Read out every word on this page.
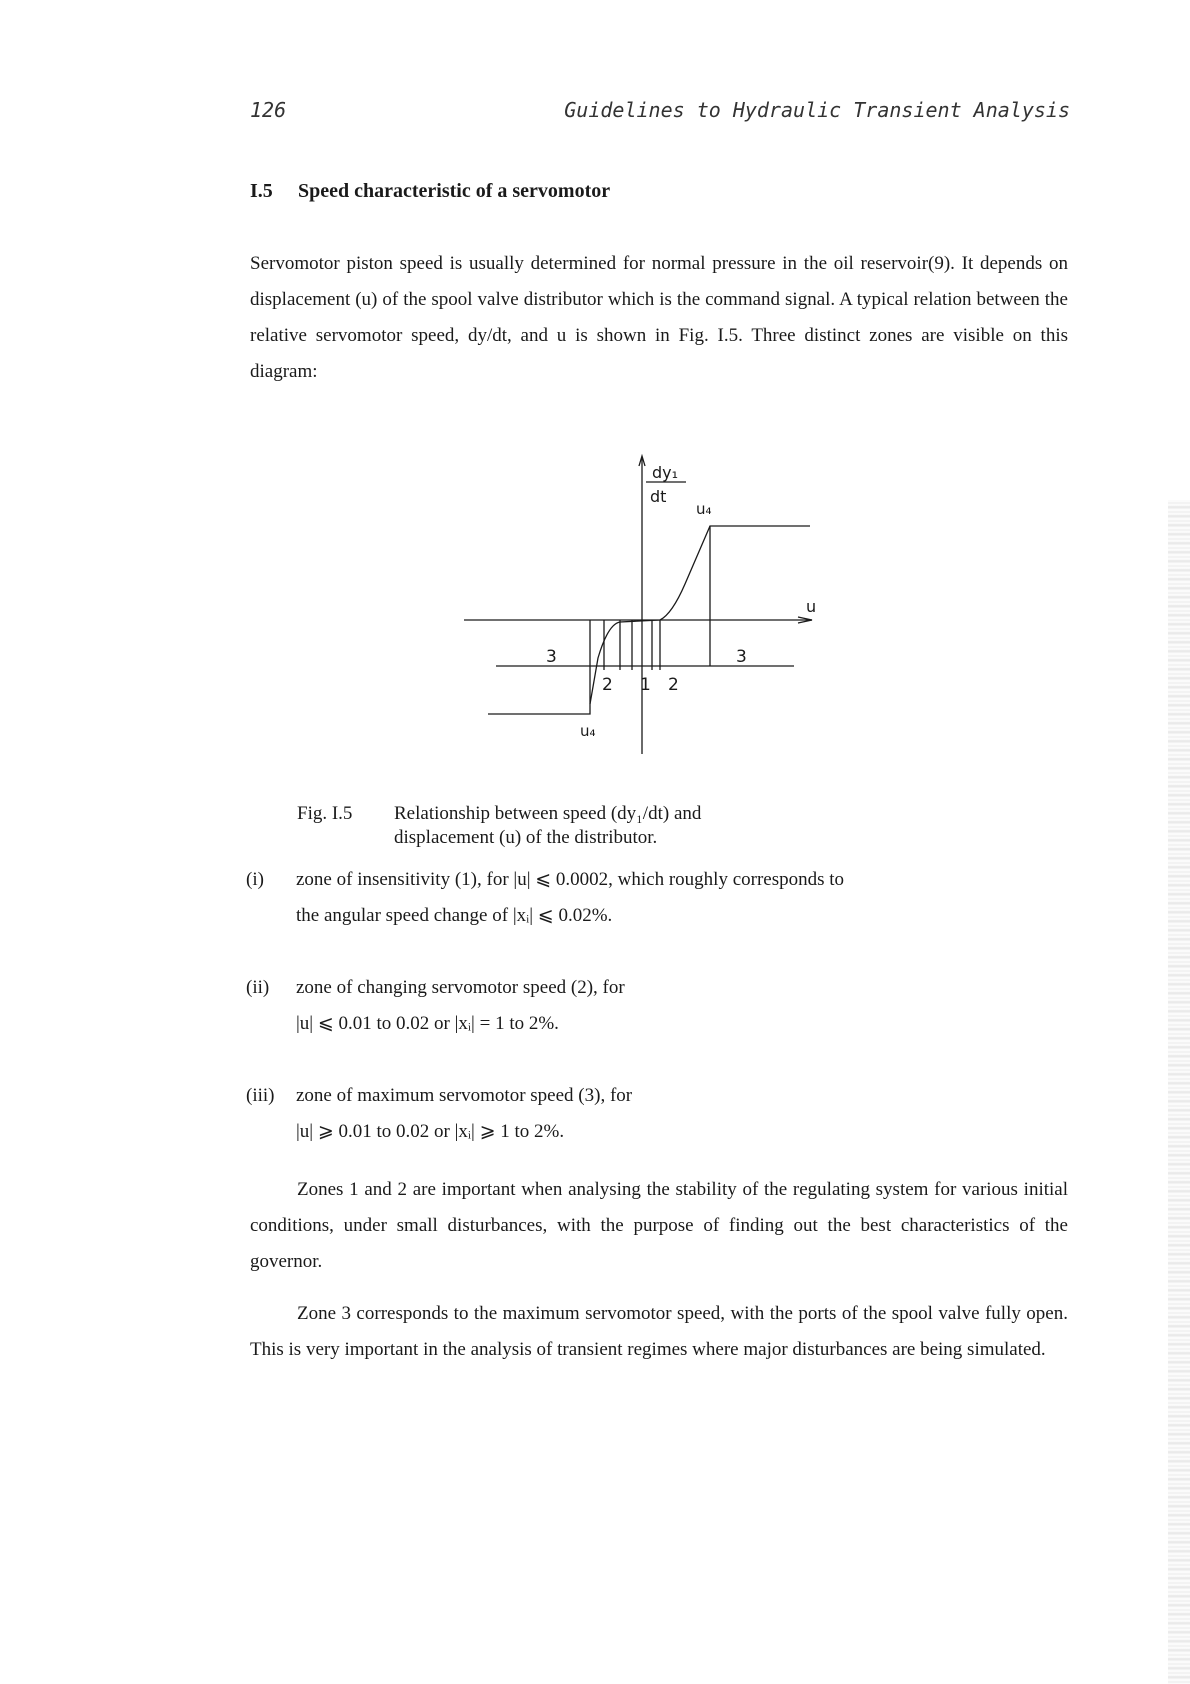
126	Guidelines to Hydraulic Transient Analysis
I.5 Speed characteristic of a servomotor
Servomotor piston speed is usually determined for normal pressure in the oil reservoir(9). It depends on displacement (u) of the spool valve distributor which is the command signal. A typical relation between the relative servomotor speed, dy/dt, and u is shown in Fig. I.5. Three distinct zones are visible on this diagram:
dy₁
dt
u₄
u
3	3
2 1 2
u₄
Fig. I.5 Relationship between speed (dy₁/dt) and
displacement (u) of the distributor.
(i) zone of insensitivity (1), for |u| ⩽ 0.0002, which roughly corresponds to
the angular speed change of |xᵢ| ⩽ 0.02%.
(ii) zone of changing servomotor speed (2), for
|u| ⩽ 0.01 to 0.02 or |xᵢ| = 1 to 2%.
(iii) zone of maximum servomotor speed (3), for
|u| ⩾ 0.01 to 0.02 or |xᵢ| ⩾ 1 to 2%.
Zones 1 and 2 are important when analysing the stability of the regulating system for various initial conditions, under small disturbances, with the purpose of finding out the best characteristics of the governor.
Zone 3 corresponds to the maximum servomotor speed, with the ports of the spool valve fully open. This is very important in the analysis of transient regimes where major disturbances are being simulated.
